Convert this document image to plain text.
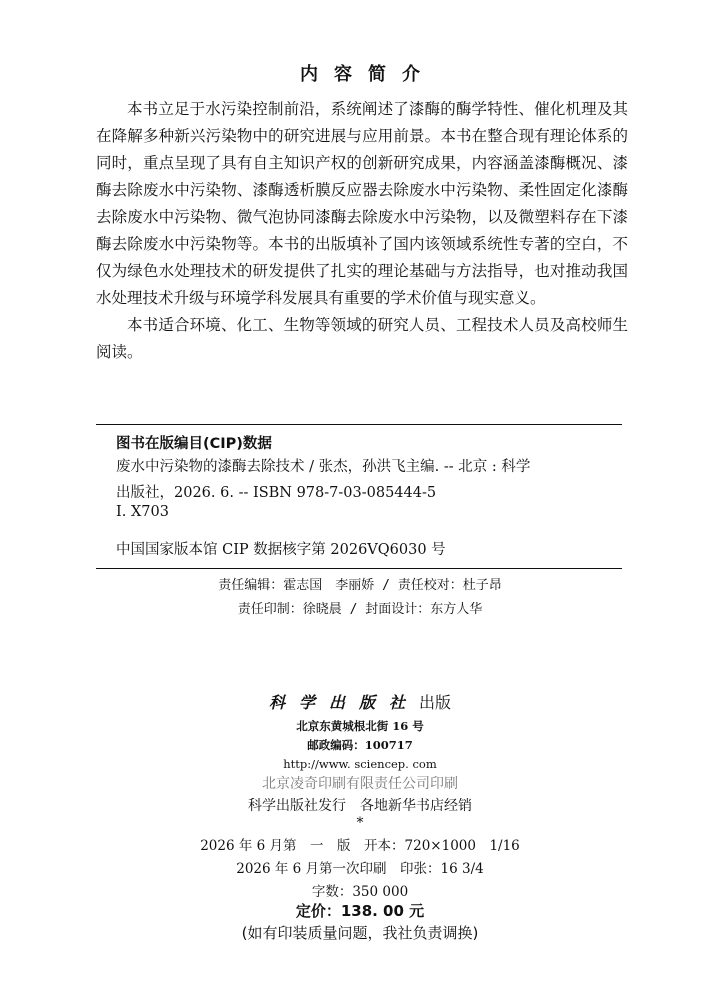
内容简介

本书立足于水污染控制前沿，系统阐述了漆酶的酶学特性、催化机理及其在降解多种新兴污染物中的研究进展与应用前景。本书在整合现有理论体系的同时，重点呈现了具有自主知识产权的创新研究成果，内容涵盖漆酶概况、漆酶去除废水中污染物、漆酶透析膜反应器去除废水中污染物、柔性固定化漆酶去除废水中污染物、微气泡协同漆酶去除废水中污染物，以及微塑料存在下漆酶去除废水中污染物等。本书的出版填补了国内该领域系统性专著的空白，不仅为绿色水处理技术的研发提供了扎实的理论基础与方法指导，也对推动我国水处理技术升级与环境学科发展具有重要的学术价值与现实意义。

本书适合环境、化工、生物等领域的研究人员、工程技术人员及高校师生阅读。

图书在版编目(CIP)数据

废水中污染物的漆酶去除技术 / 张杰，孙洪飞主编. -- 北京 : 科学

出版社，2026. 6. -- ISBN 978-7-03-085444-5

Ⅰ. X703
中国国家版本馆 CIP 数据核字第 2026VQ6030 号
责任编辑：霍志国　李丽娇 / 责任校对：杜子昂
责任印制：徐晓晨 / 封面设计：东方人华
科学出版社出版
北京东黄城根北街 16 号
邮政编码：100717
http://www. sciencep. com
北京凌奇印刷有限责任公司印刷
科学出版社发行　各地新华书店经销
*
2026 年 6 月第　一　版　开本：720×1000　1/16
2026 年 6 月第一次印刷　印张：16 3/4
字数：350 000
定价：138. 00 元
(如有印装质量问题，我社负责调换)
